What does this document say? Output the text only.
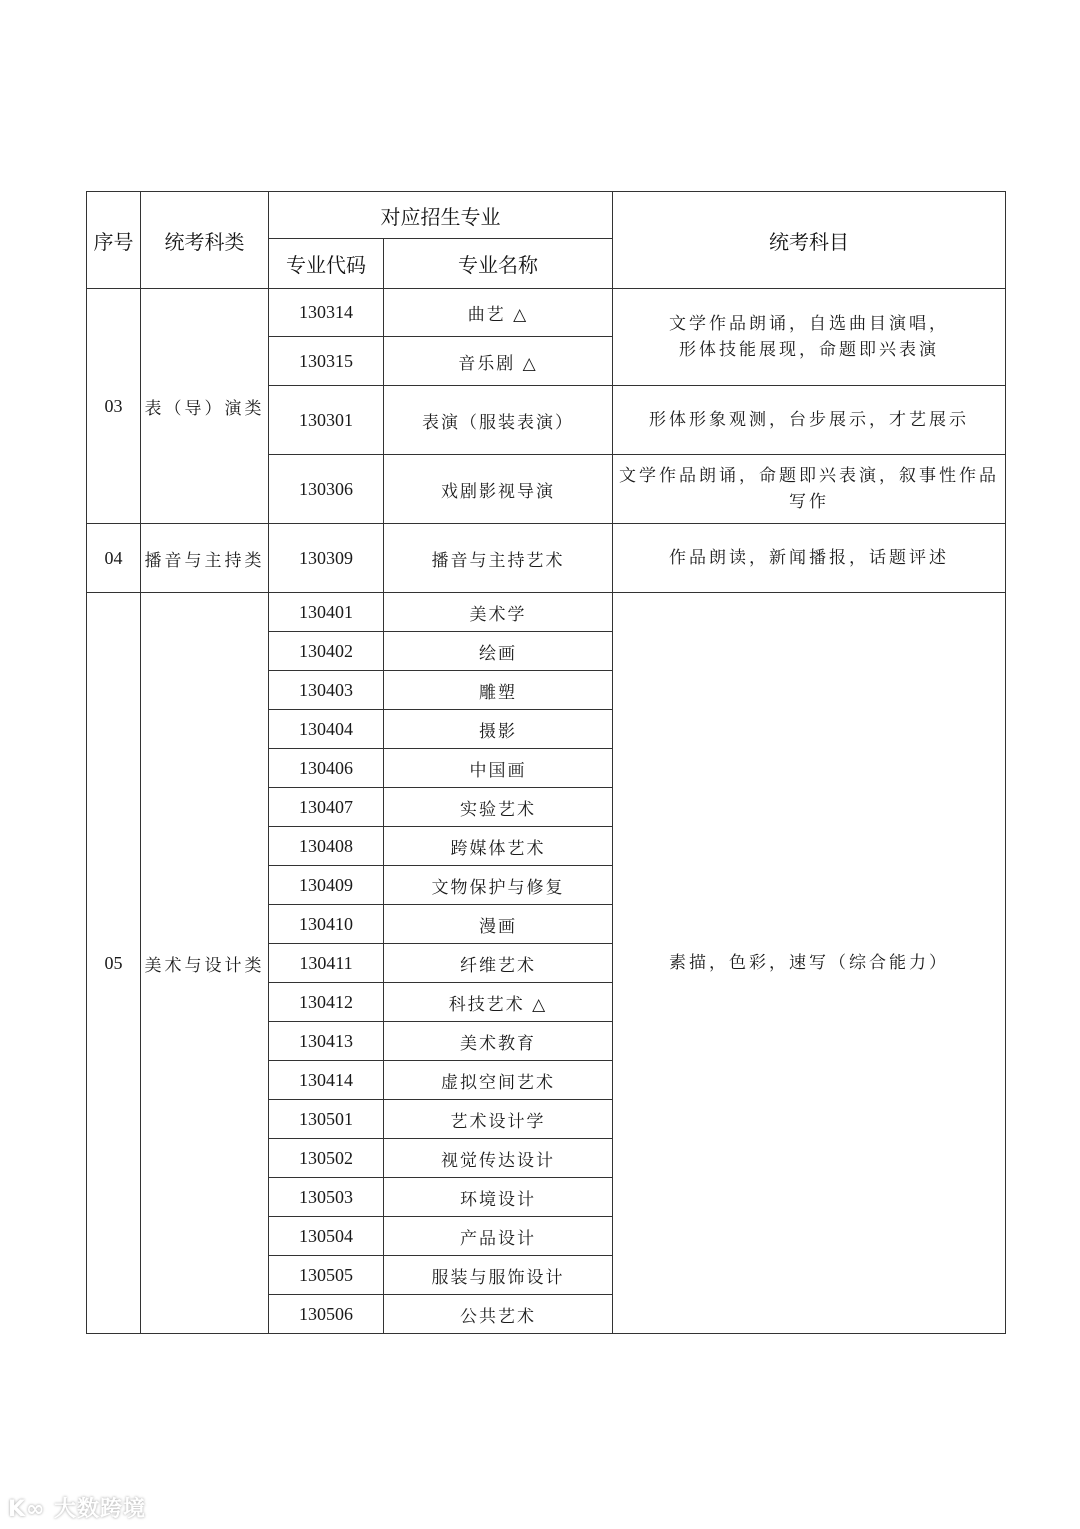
序号	统考科类	对应招生专业		统考科目
		专业代码	专业名称	
03	表（导）演类	130314	曲艺 △	文学作品朗诵，自选曲目演唱，
形体技能展现，命题即兴表演
		130315	音乐剧 △	
		130301	表演（服装表演）	形体形象观测，台步展示，才艺展示
		130306	戏剧影视导演	文学作品朗诵，命题即兴表演，叙事性作品
写作
04	播音与主持类	130309	播音与主持艺术	作品朗读，新闻播报，话题评述
05	美术与设计类	130401	美术学	素描，色彩，速写（综合能力）
		130402	绘画	
		130403	雕塑	
		130404	摄影	
		130406	中国画	
		130407	实验艺术	
		130408	跨媒体艺术	
		130409	文物保护与修复	
		130410	漫画	
		130411	纤维艺术	
		130412	科技艺术 △	
		130413	美术教育	
		130414	虚拟空间艺术	
		130501	艺术设计学	
		130502	视觉传达设计	
		130503	环境设计	
		130504	产品设计	
		130505	服装与服饰设计	
		130506	公共艺术	
K∞ 大数跨境
